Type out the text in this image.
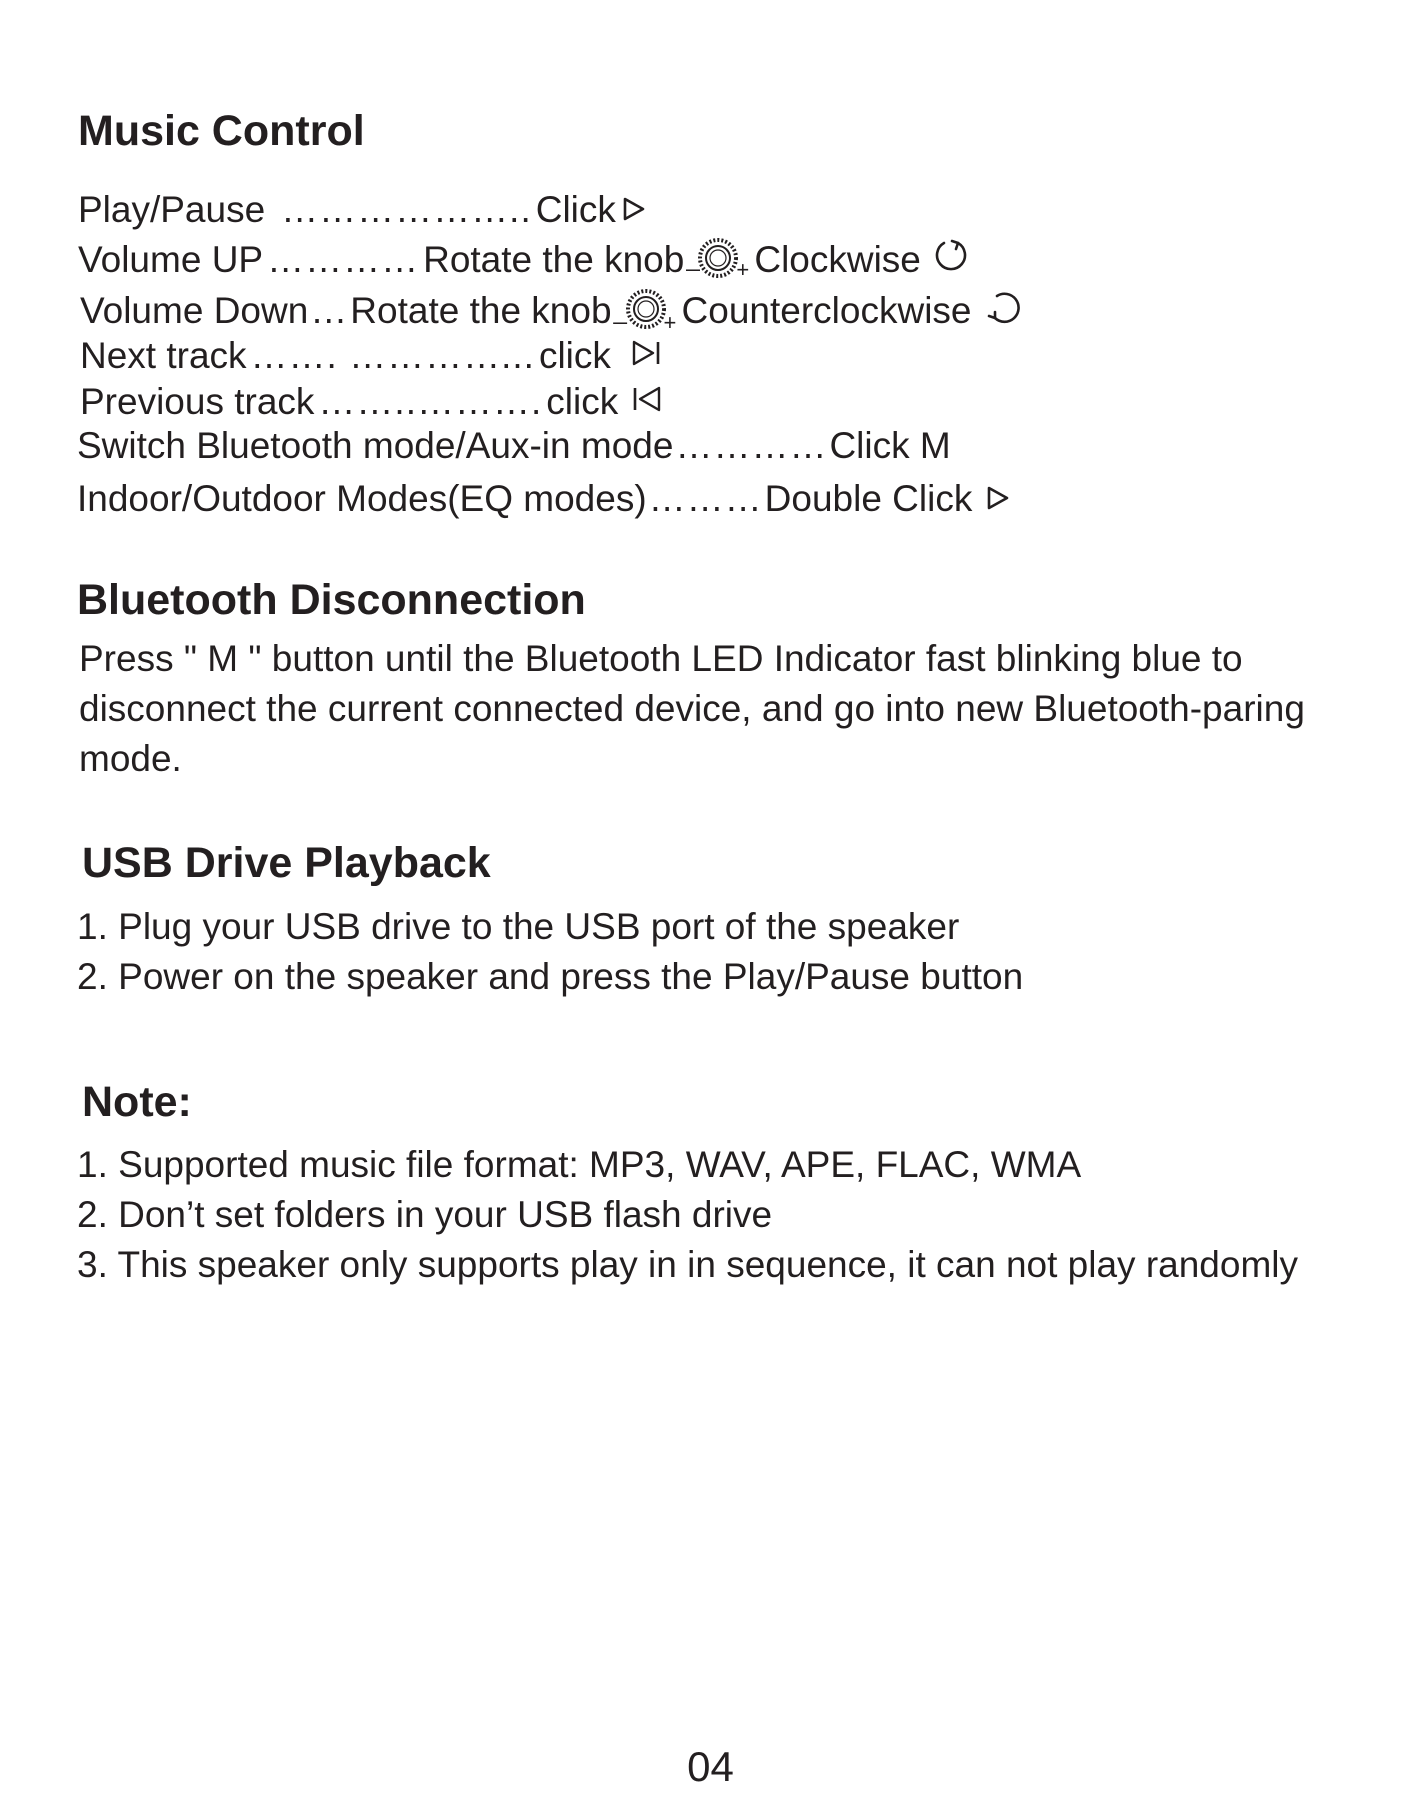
Music Control
Play/Pause ……………….. Click
Volume UP ………… Rotate the knob _ + Clockwise
Volume Down … Rotate the knob _ + Counterclockwise
Next track ……. …………... click
Previous track ……..………. click
Switch Bluetooth mode/Aux-in mode ………… Click M
Indoor/Outdoor Modes(EQ modes) ……… Double Click
Bluetooth Disconnection
Press " M " button until the Bluetooth LED Indicator fast blinking blue to
disconnect the current connected device, and go into new Bluetooth-paring
mode.
USB Drive Playback
1. Plug your USB drive to the USB port of the speaker
2. Power on the speaker and press the Play/Pause button
Note:
1. Supported music file format: MP3, WAV, APE, FLAC, WMA
2. Don’t set folders in your USB flash drive
3. This speaker only supports play in in sequence, it can not play randomly
04
